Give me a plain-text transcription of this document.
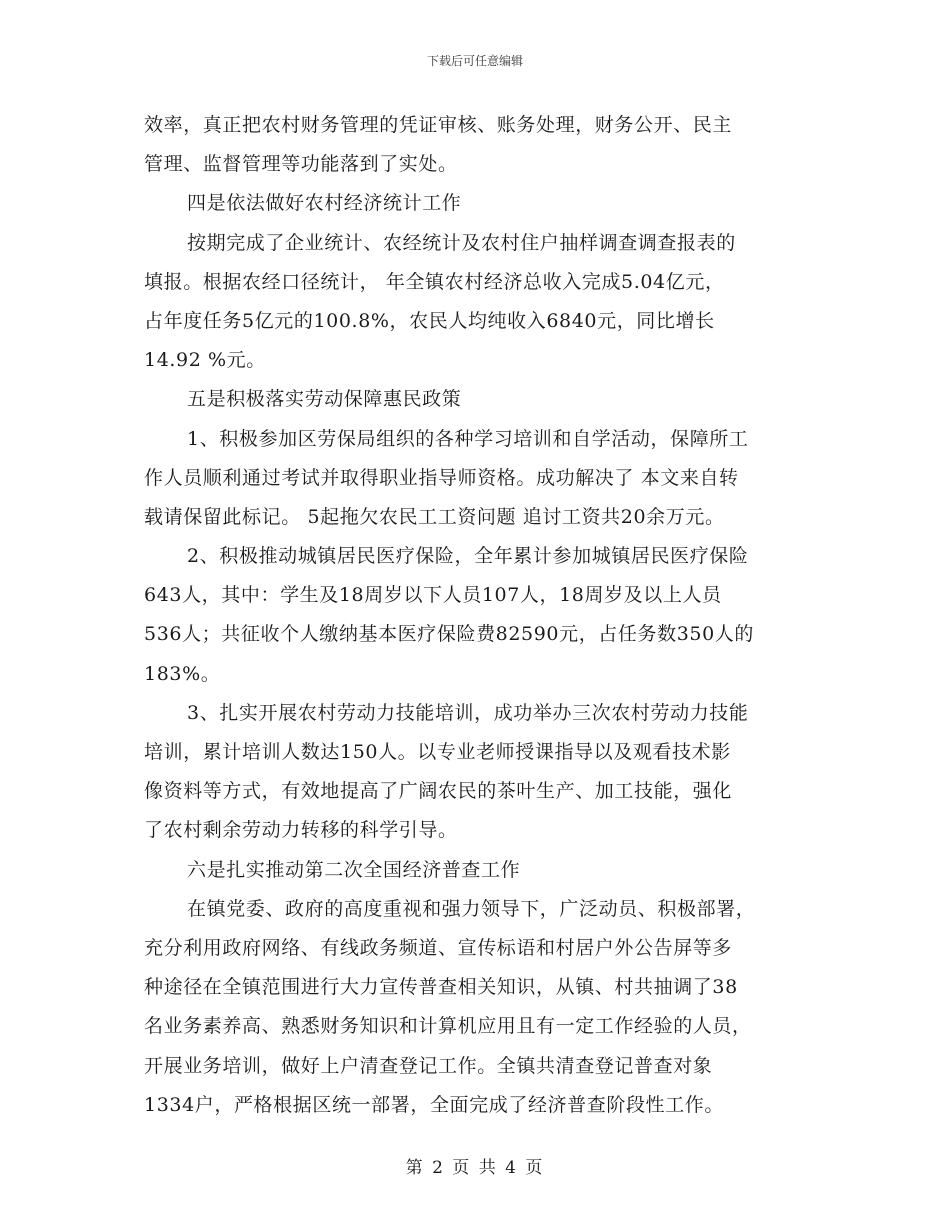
下载后可任意编辑
效率，真正把农村财务管理的凭证审核、账务处理，财务公开、民主
管理、监督管理等功能落到了实处。
四是依法做好农村经济统计工作
按期完成了企业统计、农经统计及农村住户抽样调查调查报表的
填报。根据农经口径统计， 年全镇农村经济总收入完成5.04亿元，
占年度任务5亿元的100.8%，农民人均纯收入6840元，同比增长
14.92 %元。
五是积极落实劳动保障惠民政策
1、积极参加区劳保局组织的各种学习培训和自学活动，保障所工
作人员顺利通过考试并取得职业指导师资格。成功解决了 本文来自转
载请保留此标记。 5起拖欠农民工工资问题 追讨工资共20余万元。
2、积极推动城镇居民医疗保险，全年累计参加城镇居民医疗保险
643人，其中：学生及18周岁以下人员107人，18周岁及以上人员
536人；共征收个人缴纳基本医疗保险费82590元，占任务数350人的
183%。
3、扎实开展农村劳动力技能培训，成功举办三次农村劳动力技能
培训，累计培训人数达150人。以专业老师授课指导以及观看技术影
像资料等方式，有效地提高了广阔农民的茶叶生产、加工技能，强化
了农村剩余劳动力转移的科学引导。
六是扎实推动第二次全国经济普查工作
在镇党委、政府的高度重视和强力领导下，广泛动员、积极部署，
充分利用政府网络、有线政务频道、宣传标语和村居户外公告屏等多
种途径在全镇范围进行大力宣传普查相关知识，从镇、村共抽调了38
名业务素养高、熟悉财务知识和计算机应用且有一定工作经验的人员，
开展业务培训，做好上户清查登记工作。全镇共清查登记普查对象
1334户，严格根据区统一部署，全面完成了经济普查阶段性工作。
第 2 页 共 4 页
